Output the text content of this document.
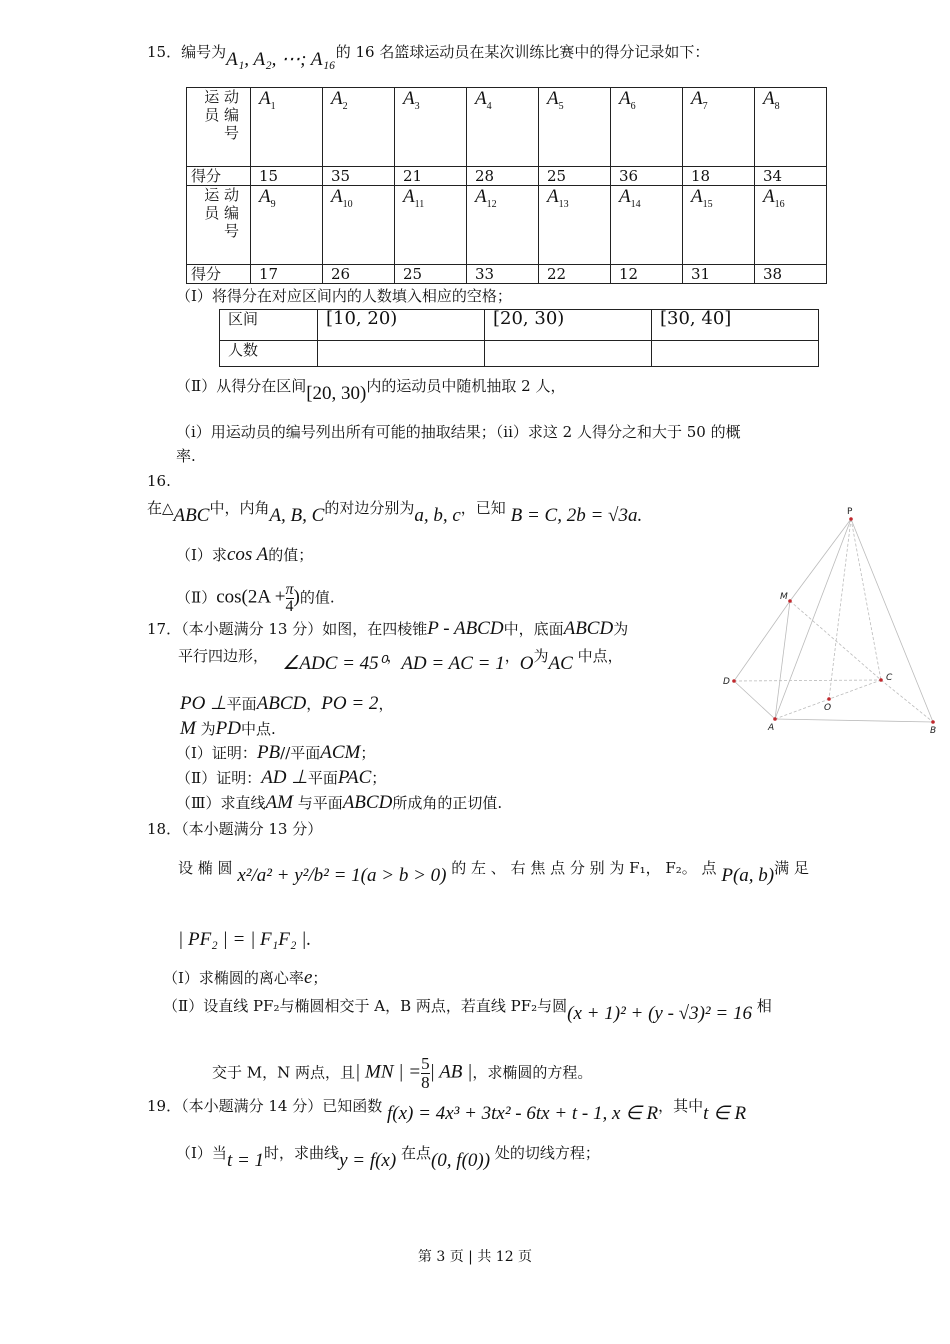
15．编号为A₁, A₂, ⋯; A₁₆的 16 名篮球运动员在某次训练比赛中的得分记录如下：
运 动 员 编 号	$A_1$	$A_2$	$A_3$	$A_4$	$A_5$	$A_6$	$A_7$	$A_8$
得分	15	35	21	28	25	36	18	34

运 动 员 编 号	$A_9$	$A_{10}$	$A_{11}$	$A_{12}$	$A_{13}$	$A_{14}$	$A_{15}$	$A_{16}$
得分	17	26	25	33	22	12	31	38
（Ⅰ）将得分在对应区间内的人数填入相应的空格；
区间	[10, 20)	[20, 30)	[30, 40]
人数			
（Ⅱ）从得分在区间[20, 30)内的运动员中随机抽取 2 人，
（i）用运动员的编号列出所有可能的抽取结果；（ii）求这 2 人得分之和大于 50 的概
率.
16.
在△ABC中，内角A, B, C的对边分别为a, b, c，已知 B = C, 2b = √3a.
（Ⅰ）求cos A的值；
（Ⅱ）cos(2A + $\frac{\pi}{4}$ )的值.
17．（本小题满分 13 分）如图，在四棱锥P - ABCD中，底面ABCD为
平行四边形， ∠ADC = 45⁰，AD = AC = 1，O为AC 中点，
PO ⊥平面ABCD，PO = 2，
M 为PD中点.
（Ⅰ）证明：PB//平面ACM；
（Ⅱ）证明：AD ⊥平面PAC；
（Ⅲ）求直线AM 与平面ABCD所成角的正切值.
P
M
D	C
O
A	B
18．（本小题满分 13 分）
设 椭 圆 x²/a² + y²/b² = 1(a > b > 0) 的 左 、 右 焦 点 分 别 为 F₁， F₂。 点 P(a, b)满 足
| PF₂ | = | F₁F₂ |.
（Ⅰ）求椭圆的离心率e；
（Ⅱ）设直线 PF₂与椭圆相交于 A，B 两点，若直线 PF₂与圆(x + 1)² + (y - √3)² = 16 相
交于 M，N 两点，且| MN | = $\frac{5}{8}$ | AB |，求椭圆的方程。
19．（本小题满分 14 分）已知函数 f(x) = 4x³ + 3tx² - 6tx + t - 1, x ∈ R，其中t ∈ R
（Ⅰ）当t = 1时，求曲线y = f(x) 在点(0, f(0)) 处的切线方程；
第 3 页 | 共 12 页
